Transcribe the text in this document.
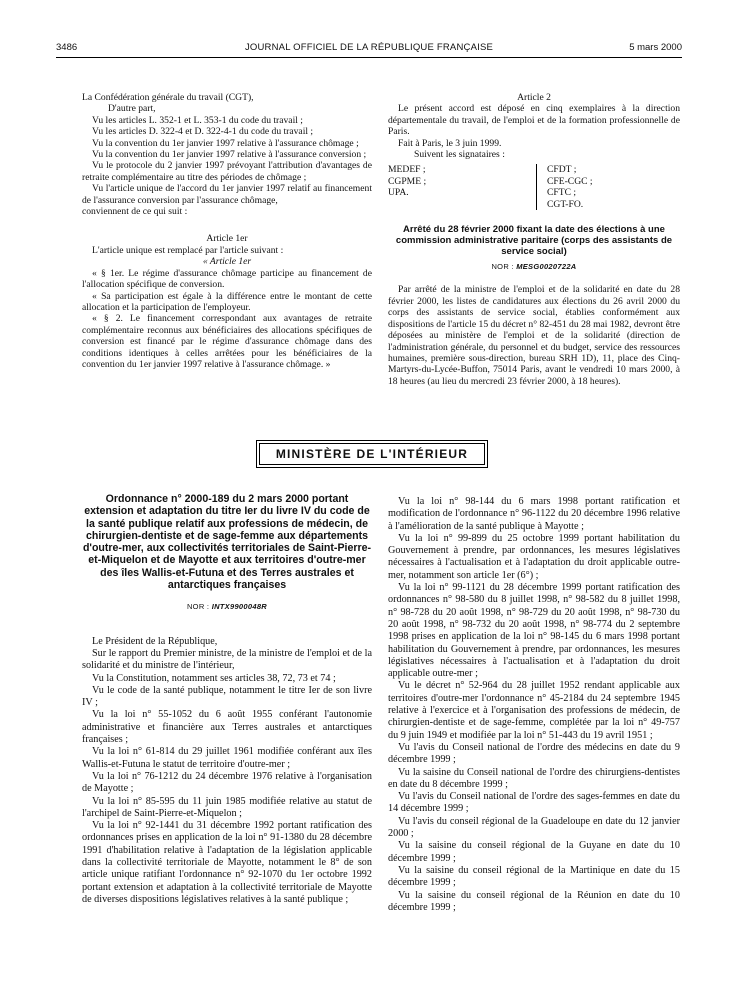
3486	JOURNAL OFFICIEL DE LA RÉPUBLIQUE FRANÇAISE	5 mars 2000

La Confédération générale du travail (CGT),

D'autre part,

Vu les articles L. 352-1 et L. 353-1 du code du travail ;

Vu les articles D. 322-4 et D. 322-4-1 du code du travail ;

Vu la convention du 1er janvier 1997 relative à l'assurance chômage ;

Vu la convention du 1er janvier 1997 relative à l'assurance conversion ;

Vu le protocole du 2 janvier 1997 prévoyant l'attribution d'avantages de retraite complémentaire au titre des périodes de chômage ;

Vu l'article unique de l'accord du 1er janvier 1997 relatif au financement de l'assurance conversion par l'assurance chômage,

conviennent de ce qui suit :

Article 1er

L'article unique est remplacé par l'article suivant :

« Article 1er

« § 1er. Le régime d'assurance chômage participe au financement de l'allocation spécifique de conversion.

« Sa participation est égale à la différence entre le montant de cette allocation et la participation de l'employeur.

« § 2. Le financement correspondant aux avantages de retraite complémentaire reconnus aux bénéficiaires des allocations spécifiques de conversion est financé par le régime d'assurance chômage dans des conditions identiques à celles arrêtées pour les bénéficiaires de la convention du 1er janvier 1997 relative à l'assurance chômage. »

Article 2

Le présent accord est déposé en cinq exemplaires à la direction départementale du travail, de l'emploi et de la formation professionnelle de Paris.

Fait à Paris, le 3 juin 1999.

Suivent les signataires :

MEDEF ;

CGPME ;

UPA.

CFDT ;

CFE-CGC ;

CFTC ;

CGT-FO.

Arrêté du 28 février 2000 fixant la date des élections à une commission administrative paritaire (corps des assistants de service social)

NOR : MESG0020722A

Par arrêté de la ministre de l'emploi et de la solidarité en date du 28 février 2000, les listes de candidatures aux élections du 26 avril 2000 du corps des assistants de service social, établies conformément aux dispositions de l'article 15 du décret n° 82-451 du 28 mai 1982, devront être déposées au ministère de l'emploi et de la solidarité (direction de l'administration générale, du personnel et du budget, service des ressources humaines, première sous-direction, bureau SRH 1D), 11, place des Cinq-Martyrs-du-Lycée-Buffon, 75014 Paris, avant le vendredi 10 mars 2000, à 18 heures (au lieu du mercredi 23 février 2000, à 18 heures).

MINISTÈRE DE L'INTÉRIEUR

Ordonnance n° 2000-189 du 2 mars 2000 portant extension et adaptation du titre Ier du livre IV du code de la santé publique relatif aux professions de médecin, de chirurgien-dentiste et de sage-femme aux départements d'outre-mer, aux collectivités territoriales de Saint-Pierre-et-Miquelon et de Mayotte et aux territoires d'outre-mer des îles Wallis-et-Futuna et des Terres australes et antarctiques françaises

NOR : INTX9900048R

Le Président de la République,

Sur le rapport du Premier ministre, de la ministre de l'emploi et de la solidarité et du ministre de l'intérieur,

Vu la Constitution, notamment ses articles 38, 72, 73 et 74 ;

Vu le code de la santé publique, notamment le titre Ier de son livre IV ;

Vu la loi n° 55-1052 du 6 août 1955 conférant l'autonomie administrative et financière aux Terres australes et antarctiques françaises ;

Vu la loi n° 61-814 du 29 juillet 1961 modifiée conférant aux îles Wallis-et-Futuna le statut de territoire d'outre-mer ;

Vu la loi n° 76-1212 du 24 décembre 1976 relative à l'organisation de Mayotte ;

Vu la loi n° 85-595 du 11 juin 1985 modifiée relative au statut de l'archipel de Saint-Pierre-et-Miquelon ;

Vu la loi n° 92-1441 du 31 décembre 1992 portant ratification des ordonnances prises en application de la loi n° 91-1380 du 28 décembre 1991 d'habilitation relative à l'adaptation de la législation applicable dans la collectivité territoriale de Mayotte, notamment le 8° de son article unique ratifiant l'ordonnance n° 92-1070 du 1er octobre 1992 portant extension et adaptation à la collectivité territoriale de Mayotte de diverses dispositions législatives relatives à la santé publique ;

Vu la loi n° 98-144 du 6 mars 1998 portant ratification et modification de l'ordonnance n° 96-1122 du 20 décembre 1996 relative à l'amélioration de la santé publique à Mayotte ;

Vu la loi n° 99-899 du 25 octobre 1999 portant habilitation du Gouvernement à prendre, par ordonnances, les mesures législatives nécessaires à l'actualisation et à l'adaptation du droit applicable outre-mer, notamment son article 1er (6°) ;

Vu la loi n° 99-1121 du 28 décembre 1999 portant ratification des ordonnances n° 98-580 du 8 juillet 1998, n° 98-582 du 8 juillet 1998, n° 98-728 du 20 août 1998, n° 98-729 du 20 août 1998, n° 98-730 du 20 août 1998, n° 98-732 du 20 août 1998, n° 98-774 du 2 septembre 1998 prises en application de la loi n° 98-145 du 6 mars 1998 portant habilitation du Gouvernement à prendre, par ordonnances, les mesures législatives nécessaires à l'actualisation et à l'adaptation du droit applicable outre-mer ;

Vu le décret n° 52-964 du 28 juillet 1952 rendant applicable aux territoires d'outre-mer l'ordonnance n° 45-2184 du 24 septembre 1945 relative à l'exercice et à l'organisation des professions de médecin, de chirurgien-dentiste et de sage-femme, complétée par la loi n° 49-757 du 9 juin 1949 et modifiée par la loi n° 51-443 du 19 avril 1951 ;

Vu l'avis du Conseil national de l'ordre des médecins en date du 9 décembre 1999 ;

Vu la saisine du Conseil national de l'ordre des chirurgiens-dentistes en date du 8 décembre 1999 ;

Vu l'avis du Conseil national de l'ordre des sages-femmes en date du 14 décembre 1999 ;

Vu l'avis du conseil régional de la Guadeloupe en date du 12 janvier 2000 ;

Vu la saisine du conseil régional de la Guyane en date du 10 décembre 1999 ;

Vu la saisine du conseil régional de la Martinique en date du 15 décembre 1999 ;

Vu la saisine du conseil régional de la Réunion en date du 10 décembre 1999 ;
